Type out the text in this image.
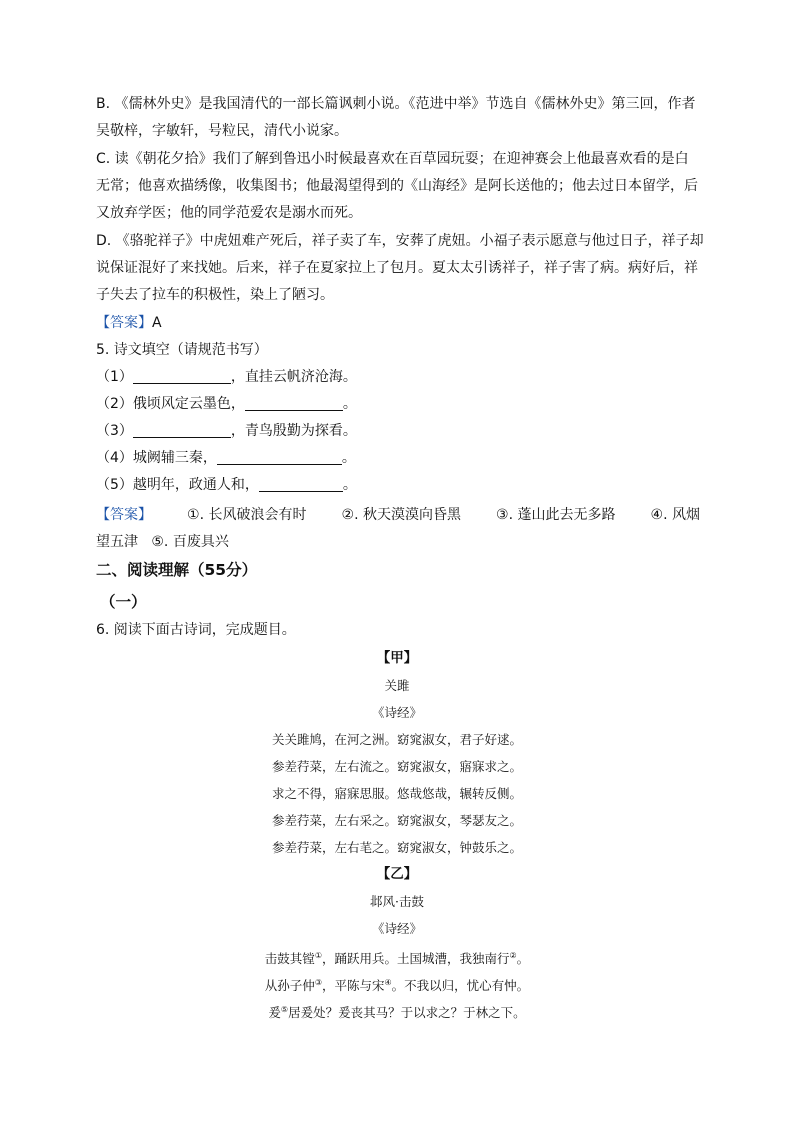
B. 《儒林外史》是我国清代的一部长篇讽刺小说。《范进中举》节选自《儒林外史》第三回，作者
吴敬梓，字敏轩，号粒民，清代小说家。
C. 读《朝花夕拾》我们了解到鲁迅小时候最喜欢在百草园玩耍；在迎神赛会上他最喜欢看的是白
无常；他喜欢描绣像，收集图书；他最渴望得到的《山海经》是阿长送他的；他去过日本留学，后
又放弃学医；他的同学范爱农是溺水而死。
D. 《骆驼祥子》中虎妞难产死后，祥子卖了车，安葬了虎妞。小福子表示愿意与他过日子，祥子却
说保证混好了来找她。后来，祥子在夏家拉上了包月。夏太太引诱祥子，祥子害了病。病好后，祥
子失去了拉车的积极性，染上了陋习。
【答案】A
5. 诗文填空（请规范书写）
（1）	，直挂云帆济沧海。
（2）俄顷风定云墨色，	。
（3）	，青鸟殷勤为探看。
（4）城阙辅三秦，	。
（5）越明年，政通人和，	。
【答案】	①. 长风破浪会有时	②. 秋天漠漠向昏黑	③. 蓬山此去无多路	④. 风烟
望五津 ⑤. 百废具兴
二、阅读理解（55分）
（一）
6. 阅读下面古诗词，完成题目。
【甲】
关雎
《诗经》
关关雎鸠，在河之洲。窈窕淑女，君子好逑。
参差荇菜，左右流之。窈窕淑女，寤寐求之。
求之不得，寤寐思服。悠哉悠哉，辗转反侧。
参差荇菜，左右采之。窈窕淑女，琴瑟友之。
参差荇菜，左右芼之。窈窕淑女，钟鼓乐之。
【乙】
邶风·击鼓
《诗经》
击鼓其镗①，踊跃用兵。土国城漕，我独南行②。
从孙子仲③，平陈与宋④。不我以归，忧心有忡。
爰⑤居爰处？爰丧其马？于以求之？于林之下。
